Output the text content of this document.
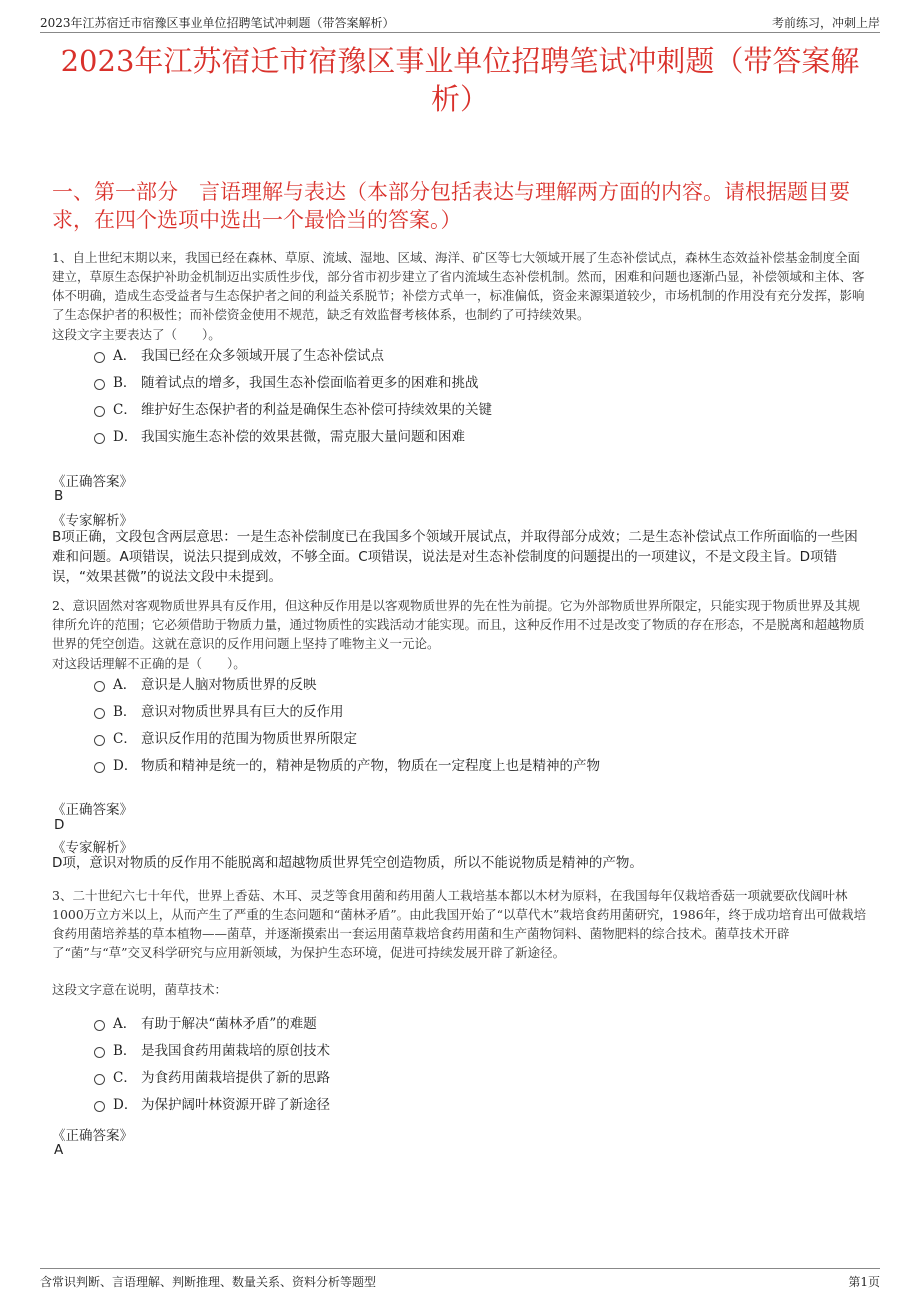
2023年江苏宿迁市宿豫区事业单位招聘笔试冲刺题（带答案解析）	考前练习，冲刺上岸
2023年江苏宿迁市宿豫区事业单位招聘笔试冲刺题（带答案解析）
一、第一部分　言语理解与表达（本部分包括表达与理解两方面的内容。请根据题目要求，在四个选项中选出一个最恰当的答案。）
1、自上世纪末期以来，我国已经在森林、草原、流域、湿地、区域、海洋、矿区等七大领域开展了生态补偿试点，森林生态效益补偿基金制度全面建立，草原生态保护补助金机制迈出实质性步伐，部分省市初步建立了省内流域生态补偿机制。然而，困难和问题也逐渐凸显，补偿领域和主体、客体不明确，造成生态受益者与生态保护者之间的利益关系脱节；补偿方式单一，标准偏低，资金来源渠道较少，市场机制的作用没有充分发挥，影响了生态保护者的积极性；而补偿资金使用不规范，缺乏有效监督考核体系，也制约了可持续效果。
这段文字主要表达了（　　）。
A． 我国已经在众多领域开展了生态补偿试点
B． 随着试点的增多，我国生态补偿面临着更多的困难和挑战
C． 维护好生态保护者的利益是确保生态补偿可持续效果的关键
D． 我国实施生态补偿的效果甚微，需克服大量问题和困难
《正确答案》
B
《专家解析》
B项正确，文段包含两层意思：一是生态补偿制度已在我国多个领域开展试点，并取得部分成效；二是生态补偿试点工作所面临的一些困难和问题。A项错误，说法只提到成效，不够全面。C项错误，说法是对生态补偿制度的问题提出的一项建议，不是文段主旨。D项错误，“效果甚微”的说法文段中未提到。
2、意识固然对客观物质世界具有反作用，但这种反作用是以客观物质世界的先在性为前提。它为外部物质世界所限定，只能实现于物质世界及其规律所允许的范围；它必须借助于物质力量，通过物质性的实践活动才能实现。而且，这种反作用不过是改变了物质的存在形态，不是脱离和超越物质世界的凭空创造。这就在意识的反作用问题上坚持了唯物主义一元论。
对这段话理解不正确的是（　　）。
A． 意识是人脑对物质世界的反映
B． 意识对物质世界具有巨大的反作用
C． 意识反作用的范围为物质世界所限定
D． 物质和精神是统一的，精神是物质的产物，物质在一定程度上也是精神的产物
《正确答案》
D
《专家解析》
D项，意识对物质的反作用不能脱离和超越物质世界凭空创造物质，所以不能说物质是精神的产物。
3、二十世纪六七十年代，世界上香菇、木耳、灵芝等食用菌和药用菌人工栽培基本都以木材为原料，在我国每年仅栽培香菇一项就要砍伐阔叶林1000万立方米以上，从而产生了严重的生态问题和“菌林矛盾”。由此我国开始了“以草代木”栽培食药用菌研究，1986年，终于成功培育出可做栽培食药用菌培养基的草本植物——菌草，并逐渐摸索出一套运用菌草栽培食药用菌和生产菌物饲料、菌物肥料的综合技术。菌草技术开辟了“菌”与“草”交叉科学研究与应用新领域，为保护生态环境，促进可持续发展开辟了新途径。
这段文字意在说明，菌草技术：
A． 有助于解决“菌林矛盾”的难题
B． 是我国食药用菌栽培的原创技术
C． 为食药用菌栽培提供了新的思路
D． 为保护阔叶林资源开辟了新途径
《正确答案》
A
含常识判断、言语理解、判断推理、数量关系、资料分析等题型	第1页
